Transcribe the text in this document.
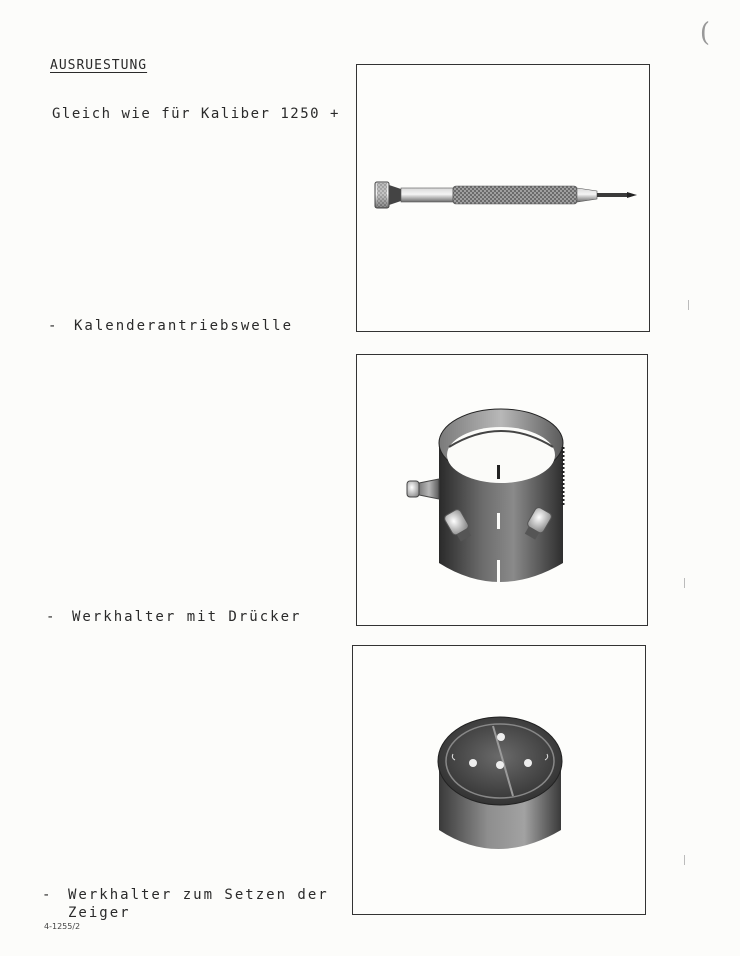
(
AUSRUESTUNG
Gleich wie für Kaliber 1250 +
- Kalenderantriebswelle
- Werkhalter mit Drücker
- Werkhalter zum Setzen der
Zeiger
4-1255/2
